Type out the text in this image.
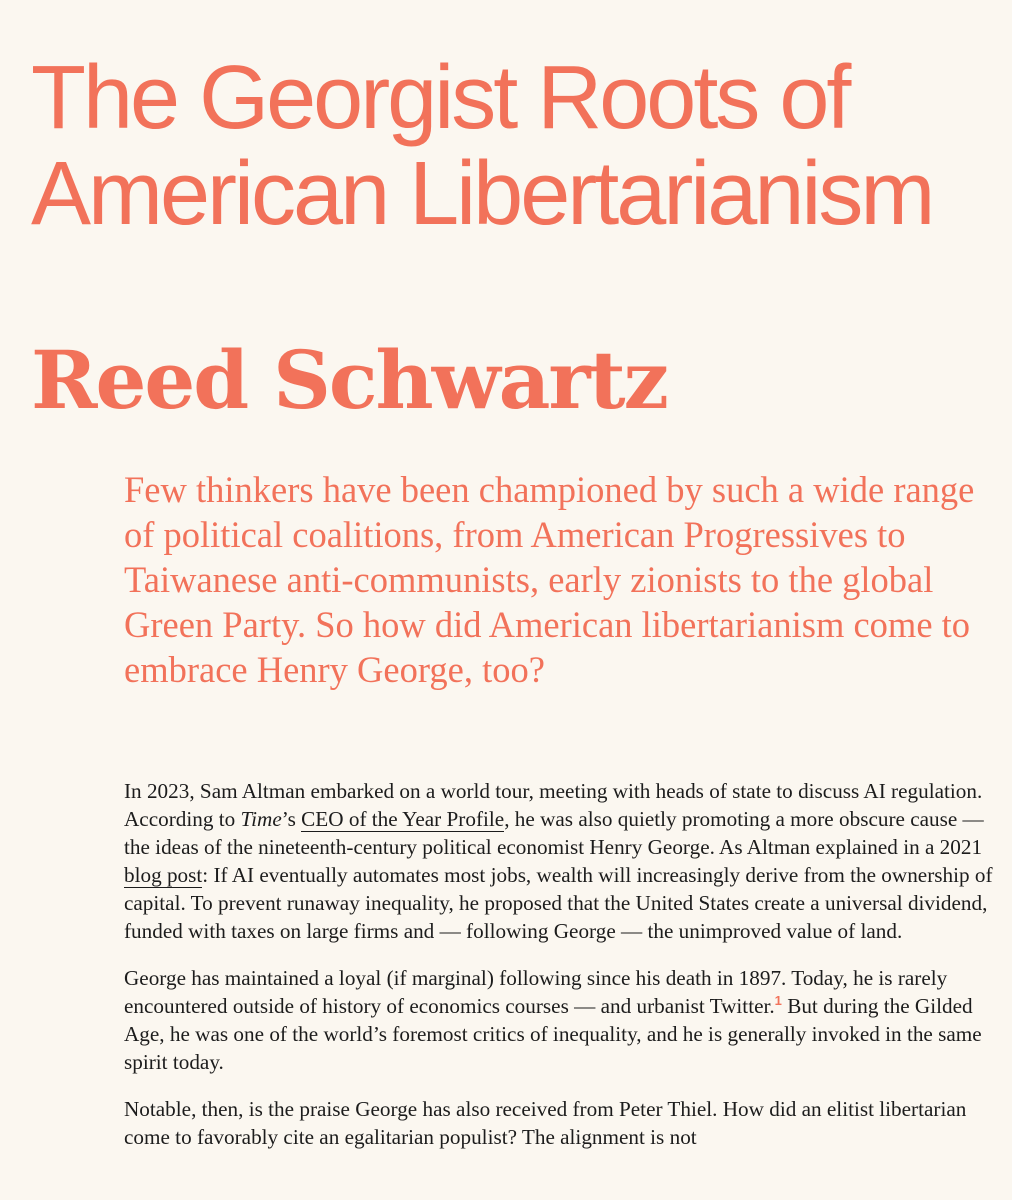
The Georgist Roots of American Libertarianism
Reed Schwartz

Few thinkers have been championed by such a wide range of political coalitions, from American Progressives to Taiwanese anti-communists, early zionists to the global Green Party. So how did American libertarianism come to embrace Henry George, too?

In 2023, Sam Altman embarked on a world tour, meeting with heads of state to discuss AI regulation. According to Time’s CEO of the Year Profile, he was also quietly promoting a more obscure cause — the ideas of the nineteenth-century political economist Henry George. As Altman explained in a 2021 blog post: If AI eventually automates most jobs, wealth will increasingly derive from the ownership of capital. To prevent runaway inequality, he proposed that the United States create a universal dividend, funded with taxes on large firms and — following George — the unimproved value of land.

George has maintained a loyal (if marginal) following since his death in 1897. Today, he is rarely encountered outside of history of economics courses — and urbanist Twitter.$^1$ But during the Gilded Age, he was one of the world’s foremost critics of inequality, and he is generally invoked in the same spirit today.

Notable, then, is the praise George has also received from Peter Thiel. How did an elitist libertarian come to favorably cite an egalitarian populist? The alignment is not
